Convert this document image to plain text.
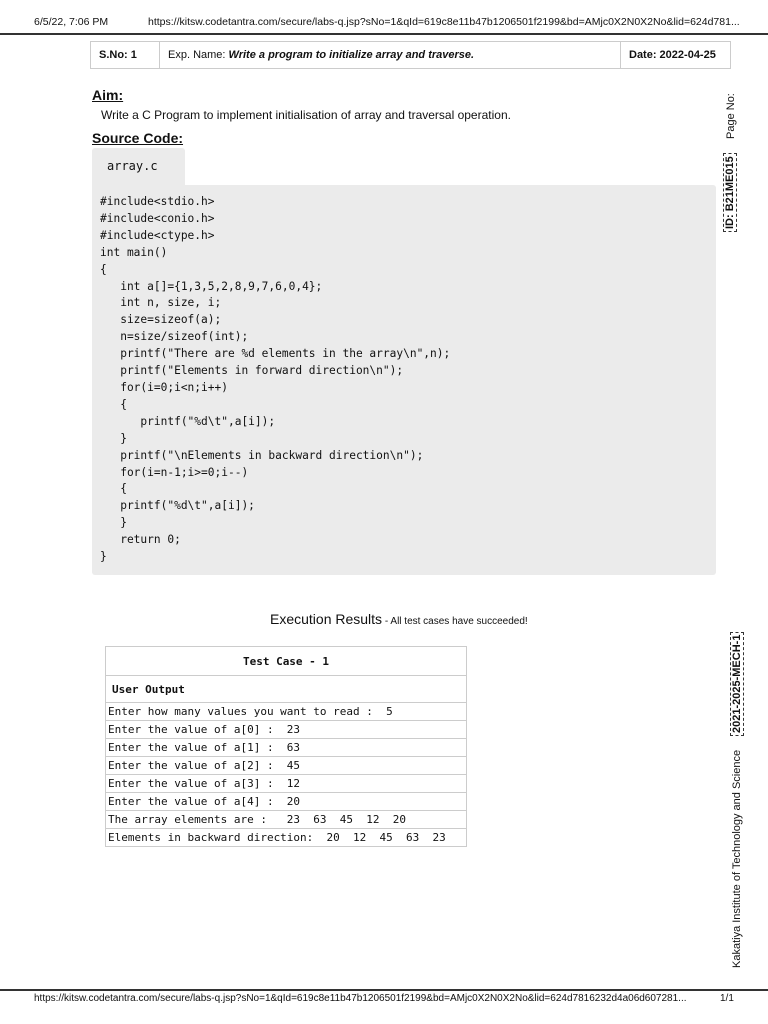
6/5/22, 7:06 PM	https://kitsw.codetantra.com/secure/labs-q.jsp?sNo=1&qId=619c8e11b47b1206501f2199&bd=AMjc0X2N0X2No&lid=624d781...
S.No: 1	Exp. Name: Write a program to initialize array and traverse.	Date: 2022-04-25
Aim:
Write a C Program to implement initialisation of array and traversal operation.
Source Code:
array.c
#include<stdio.h>
#include<conio.h>
#include<ctype.h>
int main()
{
int a[]={1,3,5,2,8,9,7,6,0,4};
int n, size, i;
size=sizeof(a);
n=size/sizeof(int);
printf("There are %d elements in the array\n",n);
printf("Elements in forward direction\n");
for(i=0;i<n;i++)
{
printf("%d\t",a[i]);
}
printf("\nElements in backward direction\n");
for(i=n-1;i>=0;i--)
{
printf("%d\t",a[i]);
}
return 0;
}
Execution Results - All test cases have succeeded!
Test Case - 1
User Output
Enter how many values you want to read :  5
Enter the value of a[0] :  23
Enter the value of a[1] :  63
Enter the value of a[2] :  45
Enter the value of a[3] :  12
Enter the value of a[4] :  20
The array elements are :   23  63  45  12  20
Elements in backward direction:  20  12  45  63  23
Page No:
ID: B21ME015
2021-2025-MECH-1
Kakatiya Institute of Technology and Science
https://kitsw.codetantra.com/secure/labs-q.jsp?sNo=1&qId=619c8e11b47b1206501f2199&bd=AMjc0X2N0X2No&lid=624d7816232d4a06d607281...	1/1
